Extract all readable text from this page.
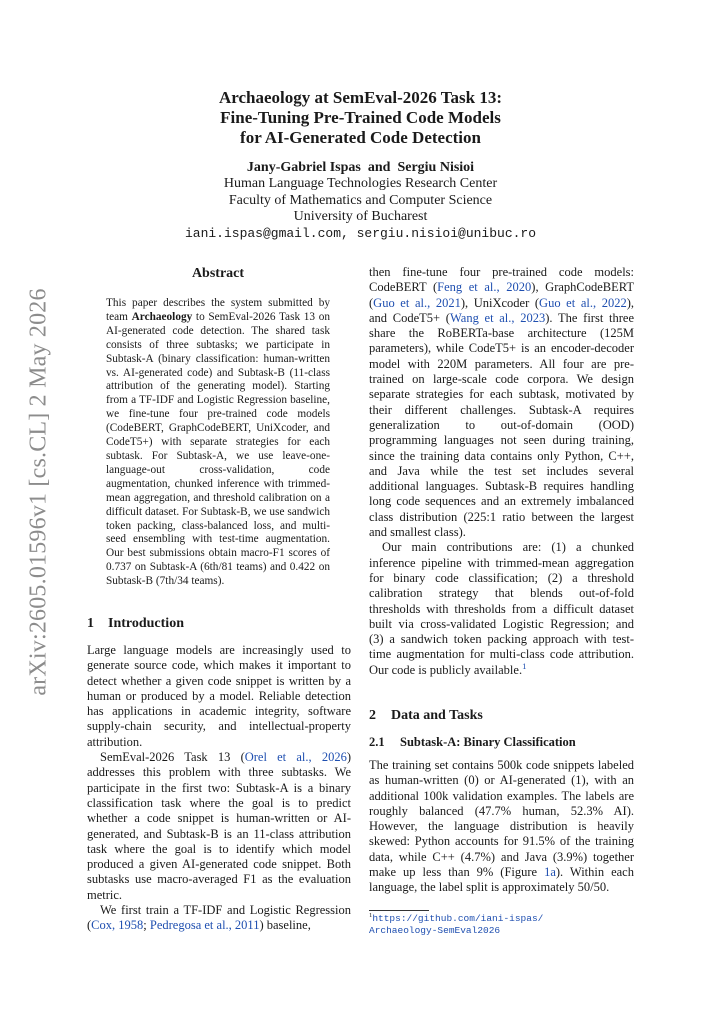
Archaeology at SemEval-2026 Task 13:
Fine-Tuning Pre-Trained Code Models
for AI-Generated Code Detection
Jany-Gabriel Ispas and Sergiu Nisioi
Human Language Technologies Research Center
Faculty of Mathematics and Computer Science
University of Bucharest
iani.ispas@gmail.com, sergiu.nisioi@unibuc.ro
arXiv:2605.01596v1 [cs.CL] 2 May 2026
Abstract
This paper describes the system submitted by team Archaeology to SemEval-2026 Task 13 on AI-generated code detection. The shared task consists of three subtasks; we participate in Subtask-A (binary classification: human-written vs. AI-generated code) and Subtask-B (11-class attribution of the generating model). Starting from a TF-IDF and Logistic Regression baseline, we fine-tune four pre-trained code models (CodeBERT, GraphCodeBERT, UniXcoder, and CodeT5+) with separate strategies for each subtask. For Subtask-A, we use leave-one-language-out cross-validation, code augmentation, chunked inference with trimmed-mean aggregation, and threshold calibration on a difficult dataset. For Subtask-B, we use sandwich token packing, class-balanced loss, and multi-seed ensembling with test-time augmentation. Our best submissions obtain macro-F1 scores of 0.737 on Subtask-A (6th/81 teams) and 0.422 on Subtask-B (7th/34 teams).
1 Introduction

Large language models are increasingly used to generate source code, which makes it important to detect whether a given code snippet is written by a human or produced by a model. Reliable detection has applications in academic integrity, software supply-chain security, and intellectual-property attribution.

SemEval-2026 Task 13 (Orel et al., 2026) addresses this problem with three subtasks. We participate in the first two: Subtask-A is a binary classification task where the goal is to predict whether a code snippet is human-written or AI-generated, and Subtask-B is an 11-class attribution task where the goal is to identify which model produced a given AI-generated code snippet. Both subtasks use macro-averaged F1 as the evaluation metric.

We first train a TF-IDF and Logistic Regression (Cox, 1958; Pedregosa et al., 2011) baseline,

then fine-tune four pre-trained code models: CodeBERT (Feng et al., 2020), GraphCodeBERT (Guo et al., 2021), UniXcoder (Guo et al., 2022), and CodeT5+ (Wang et al., 2023). The first three share the RoBERTa-base architecture (125M parameters), while CodeT5+ is an encoder-decoder model with 220M parameters. All four are pre-trained on large-scale code corpora. We design separate strategies for each subtask, motivated by their different challenges. Subtask-A requires generalization to out-of-domain (OOD) programming languages not seen during training, since the training data contains only Python, C++, and Java while the test set includes several additional languages. Subtask-B requires handling long code sequences and an extremely imbalanced class distribution (225:1 ratio between the largest and smallest class).

Our main contributions are: (1) a chunked inference pipeline with trimmed-mean aggregation for binary code classification; (2) a threshold calibration strategy that blends out-of-fold thresholds with thresholds from a difficult dataset built via cross-validated Logistic Regression; and (3) a sandwich token packing approach with test-time augmentation for multi-class code attribution. Our code is publicly available.$^1$

2 Data and Tasks
2.1 Subtask-A: Binary Classification

The training set contains 500k code snippets labeled as human-written (0) or AI-generated (1), with an additional 100k validation examples. The labels are roughly balanced (47.7% human, 52.3% AI). However, the language distribution is heavily skewed: Python accounts for 91.5% of the training data, while C++ (4.7%) and Java (3.9%) together make up less than 9% (Figure 1a). Within each language, the label split is approximately 50/50.

$^1$https://github.com/iani-ispas/
Archaeology-SemEval2026
